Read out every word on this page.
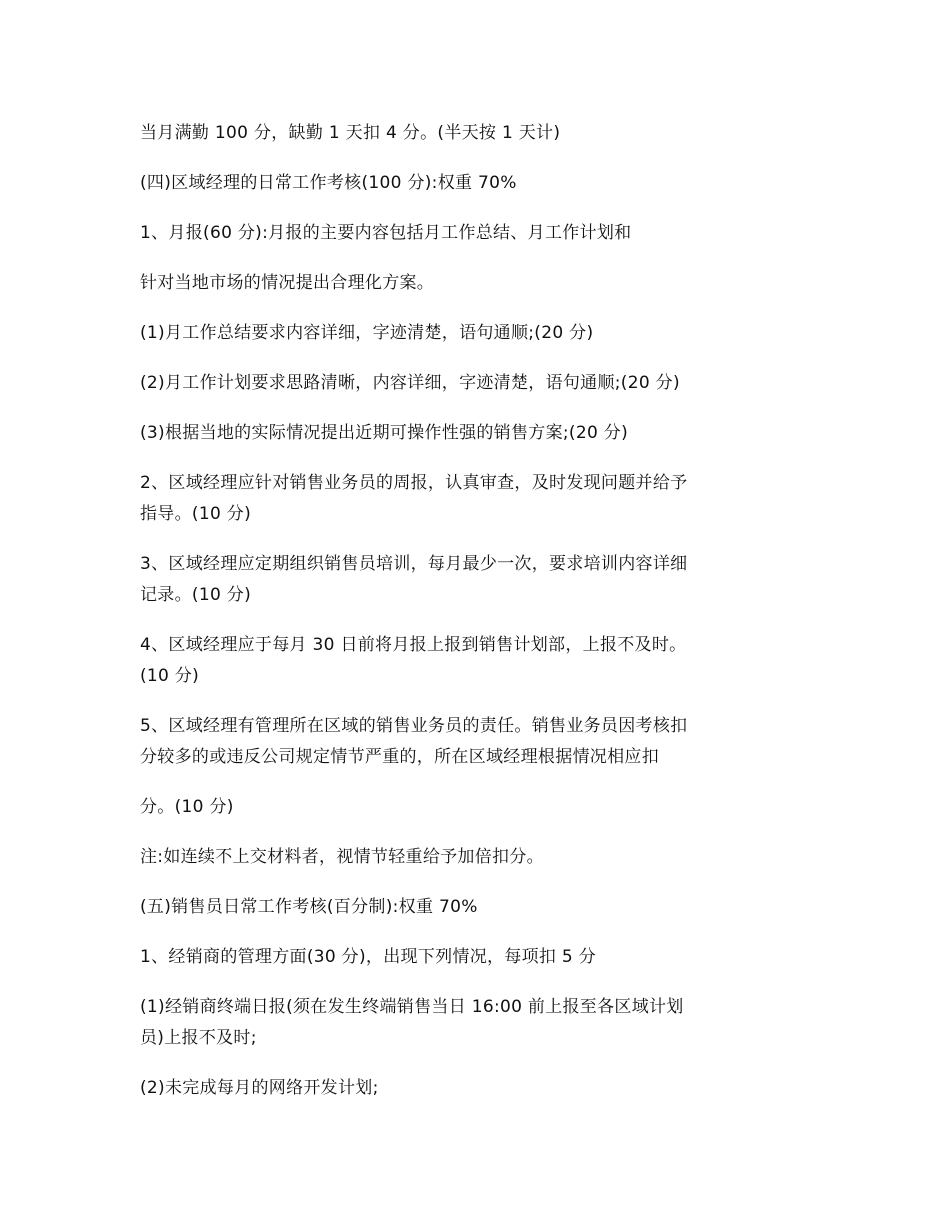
当月满勤 100 分，缺勤 1 天扣 4 分。(半天按 1 天计)

(四)区域经理的日常工作考核(100 分):权重 70%

1、月报(60 分):月报的主要内容包括月工作总结、月工作计划和

针对当地市场的情况提出合理化方案。

(1)月工作总结要求内容详细，字迹清楚，语句通顺;(20 分)

(2)月工作计划要求思路清晰，内容详细，字迹清楚，语句通顺;(20 分)

(3)根据当地的实际情况提出近期可操作性强的销售方案;(20 分)

2、区域经理应针对销售业务员的周报，认真审查，及时发现问题并给予
指导。(10 分)

3、区域经理应定期组织销售员培训，每月最少一次，要求培训内容详细
记录。(10 分)

4、区域经理应于每月 30 日前将月报上报到销售计划部，上报不及时。
(10 分)

5、区域经理有管理所在区域的销售业务员的责任。销售业务员因考核扣
分较多的或违反公司规定情节严重的，所在区域经理根据情况相应扣

分。(10 分)

注:如连续不上交材料者，视情节轻重给予加倍扣分。

(五)销售员日常工作考核(百分制):权重 70%

1、经销商的管理方面(30 分)，出现下列情况，每项扣 5 分

(1)经销商终端日报(须在发生终端销售当日 16:00 前上报至各区域计划
员)上报不及时;

(2)未完成每月的网络开发计划;
